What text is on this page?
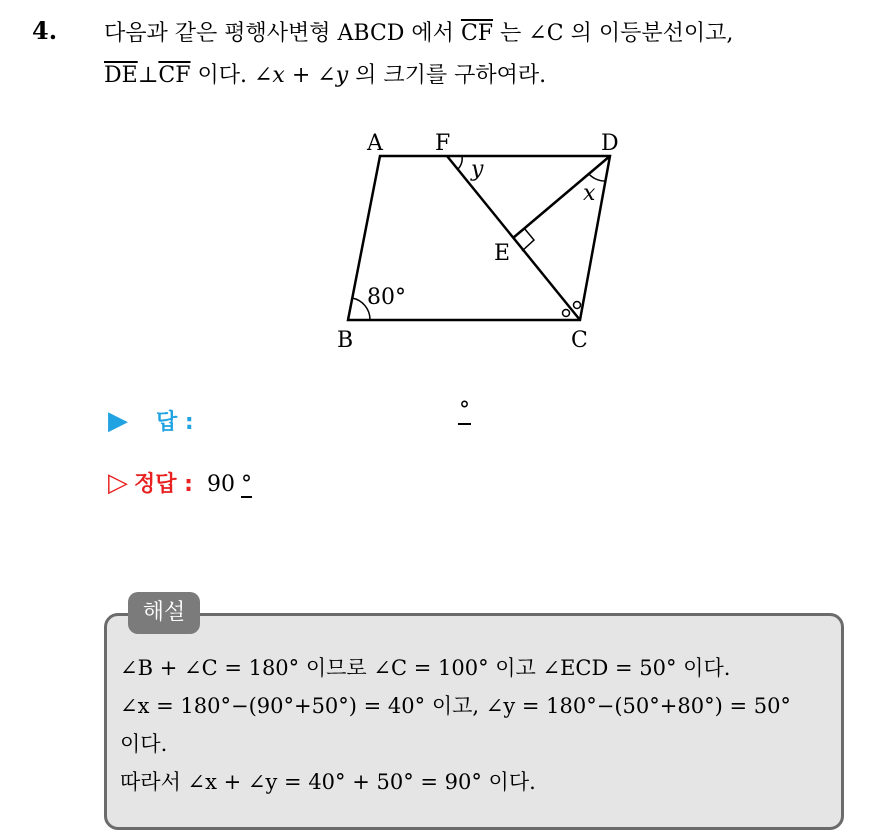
4. 다음과 같은 평행사변형 ABCD 에서 $\overline{CF}$ 는 ∠C 의 이등분선이고,
$\overline{DE}\perp\overline{CF}$ 이다. ∠x + ∠y 의 크기를 구하여라.
A F	D
E
B	C
y
x
80°
▶ 답 :	°
▷ 정답 : 90 °
해설
∠B + ∠C = 180° 이므로 ∠C = 100° 이고 ∠ECD = 50° 이다.
∠x = 180°−(90°+50°) = 40° 이고, ∠y = 180°−(50°+80°) = 50°
이다.
따라서 ∠x + ∠y = 40° + 50° = 90° 이다.
